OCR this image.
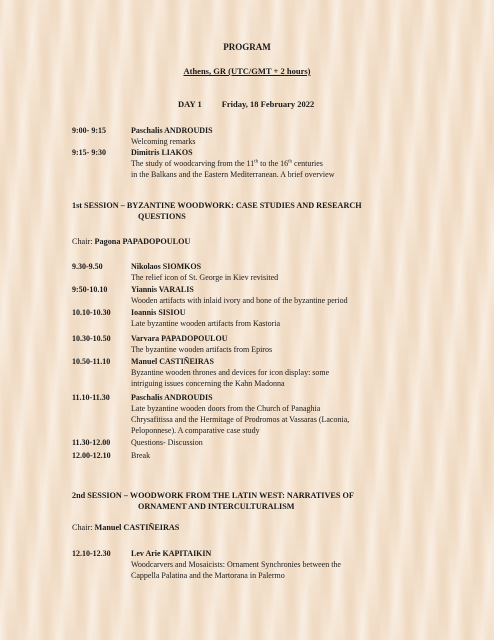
PROGRAM
Athens, GR (UTC/GMT + 2 hours)
DAY 1 Friday, 18 February 2022
9:00- 9:15	Paschalis ANDROUDIS
Welcoming remarks
9:15- 9:30	Dimitris LIAKOS
The study of woodcarving from the 11th to the 16th centuries
in the Balkans and the Eastern Mediterranean. A brief overview
1st SESSION – BYZANTINE WOODWORK: CASE STUDIES AND RESEARCH
QUESTIONS
Chair: Pagona PAPADOPOULOU
9.30-9.50	Nikolaos SIOMKOS
The relief icon of St. George in Kiev revisited
9:50-10.10	Yiannis VARALIS
Wooden artifacts with inlaid ivory and bone of the byzantine period
10.10-10.30	Ioannis SISIOU
Late byzantine wooden artifacts from Kastoria
10.30-10.50	Varvara PAPADOPOULOU
The byzantine wooden artifacts from Epiros
10.50-11.10	Manuel CASTIÑEIRAS
Byzantine wooden thrones and devices for icon display: some
intriguing issues concerning the Kahn Madonna
11.10-11.30	Paschalis ANDROUDIS
Late byzantine wooden doors from the Church of Panaghia
Chrysafitissa and the Hermitage of Prodromos at Vassaras (Laconia,
Peloponnese). A comparative case study
11.30-12.00	Questions- Discussion
12.00-12.10	Break
2nd SESSION – WOODWORK FROM THE LATIN WEST: NARRATIVES OF
ORNAMENT AND INTERCULTURALISM
Chair: Manuel CASTIÑEIRAS
12.10-12.30	Lev Arie KAPITAIKIN
Woodcarvers and Mosaicists: Ornament Synchronies between the
Cappella Palatina and the Martorana in Palermo
